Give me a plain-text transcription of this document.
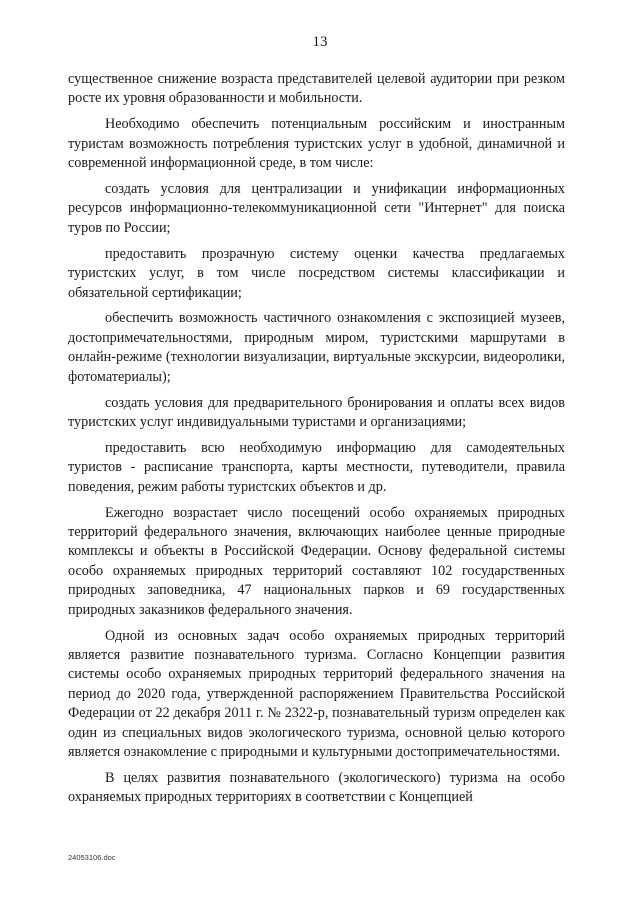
13

существенное снижение возраста представителей целевой аудитории при резком росте их уровня образованности и мобильности.

Необходимо обеспечить потенциальным российским и иностранным туристам возможность потребления туристских услуг в удобной, динамичной и современной информационной среде, в том числе:

создать условия для централизации и унификации информационных ресурсов информационно-телекоммуникационной сети "Интернет" для поиска туров по России;

предоставить прозрачную систему оценки качества предлагаемых туристских услуг, в том числе посредством системы классификации и обязательной сертификации;

обеспечить возможность частичного ознакомления с экспозицией музеев, достопримечательностями, природным миром, туристскими маршрутами в онлайн-режиме (технологии визуализации, виртуальные экскурсии, видеоролики, фотоматериалы);

создать условия для предварительного бронирования и оплаты всех видов туристских услуг индивидуальными туристами и организациями;

предоставить всю необходимую информацию для самодеятельных туристов - расписание транспорта, карты местности, путеводители, правила поведения, режим работы туристских объектов и др.

Ежегодно возрастает число посещений особо охраняемых природных территорий федерального значения, включающих наиболее ценные природные комплексы и объекты в Российской Федерации. Основу федеральной системы особо охраняемых природных территорий составляют 102 государственных природных заповедника, 47 национальных парков и 69 государственных природных заказников федерального значения.

Одной из основных задач особо охраняемых природных территорий является развитие познавательного туризма. Согласно Концепции развития системы особо охраняемых природных территорий федерального значения на период до 2020 года, утвержденной распоряжением Правительства Российской Федерации от 22 декабря 2011 г. № 2322-р, познавательный туризм определен как один из специальных видов экологического туризма, основной целью которого является ознакомление с природными и культурными достопримечательностями.

В целях развития познавательного (экологического) туризма на особо охраняемых природных территориях в соответствии с Концепцией

24053106.doc
